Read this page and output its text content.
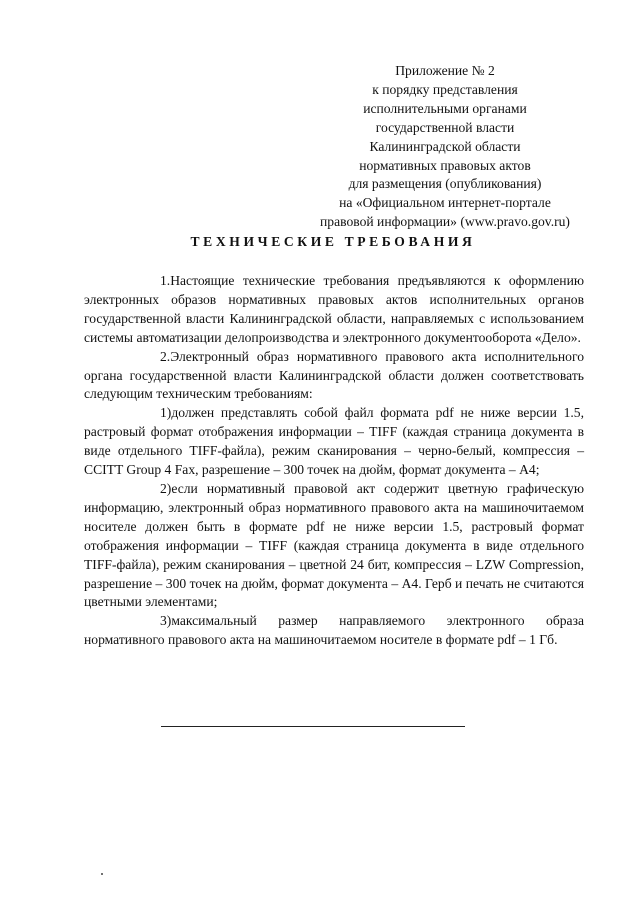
Приложение № 2
к порядку представления
исполнительными органами
государственной власти
Калининградской области
нормативных правовых актов
для размещения (опубликования)
на «Официальном интернет-портале
правовой информации» (www.pravo.gov.ru)
ТЕХНИЧЕСКИЕ ТРЕБОВАНИЯ

1.Настоящие технические требования предъявляются к оформлению электронных образов нормативных правовых актов исполнительных органов государственной власти Калининградской области, направляемых с использованием системы автоматизации делопроизводства и электронного документооборота «Дело».

2.Электронный образ нормативного правового акта исполнительного органа государственной власти Калининградской области должен соответствовать следующим техническим требованиям:

1)должен представлять собой файл формата pdf не ниже версии 1.5, растровый формат отображения информации – TIFF (каждая страница документа в виде отдельного TIFF-файла), режим сканирования – черно-белый, компрессия – CCITT Group 4 Fax, разрешение – 300 точек на дюйм, формат документа – А4;

2)если нормативный правовой акт содержит цветную графическую информацию, электронный образ нормативного правового акта на машиночитаемом носителе должен быть в формате pdf не ниже версии 1.5, растровый формат отображения информации – TIFF (каждая страница документа в виде отдельного TIFF-файла), режим сканирования – цветной 24 бит, компрессия – LZW Compression, разрешение – 300 точек на дюйм, формат документа – А4. Герб и печать не считаются цветными элементами;

3)максимальный размер направляемого электронного образа нормативного правового акта на машиночитаемом носителе в формате pdf – 1 Гб.
